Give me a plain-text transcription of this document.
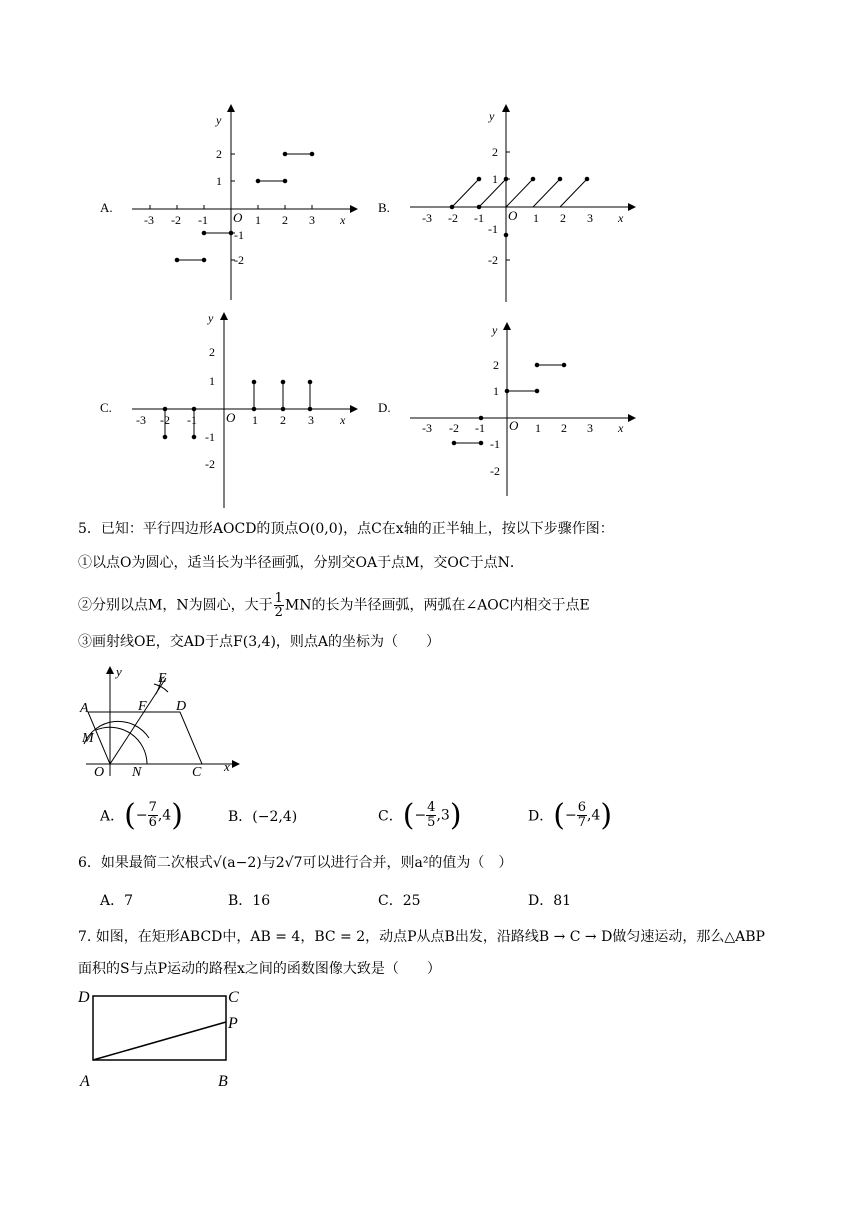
A.
-3 -2 -1	1 2 3
O	x
y
2
1
-1
-2
B.
-3 -2 -1	1 2 3
O	x
y
2
1
-1
-2
C.
-3 -2 -1	1 2 3
O	x
y
2
1
-1
-2
D.
-3 -2 -1	1 2 3
O	x
y
2
1
-1
-2
5．已知：平行四边形AOCD的顶点O(0,0)，点C在x轴的正半轴上，按以下步骤作图：
①以点O为圆心，适当长为半径画弧，分别交OA于点M，交OC于点N．
②分别以点M，N为圆心，大于 $\frac{1}{2}$ MN的长为半径画弧，两弧在∠AOC内相交于点E
③画射线OE，交AD于点F(3,4)，则点A的坐标为（　　）
E
A	F D
M
O N	C x
y
A．(− $\frac{7}{6} ,4$)	B．(−2,4)	C．(− $\frac{4}{5} ,3$)	D．(− $\frac{6}{7} ,4$)
6．如果最简二次根式√(a−2)与2√7可以进行合并，则a²的值为（　）
A．7	B．16	C．25	D．81
7. 如图，在矩形ABCD中，AB = 4，BC = 2，动点P从点B出发，沿路线B → C → D做匀速运动，那么△ABP
面积的S与点P运动的路程x之间的函数图像大致是（　　）
D	C
P
A	B
